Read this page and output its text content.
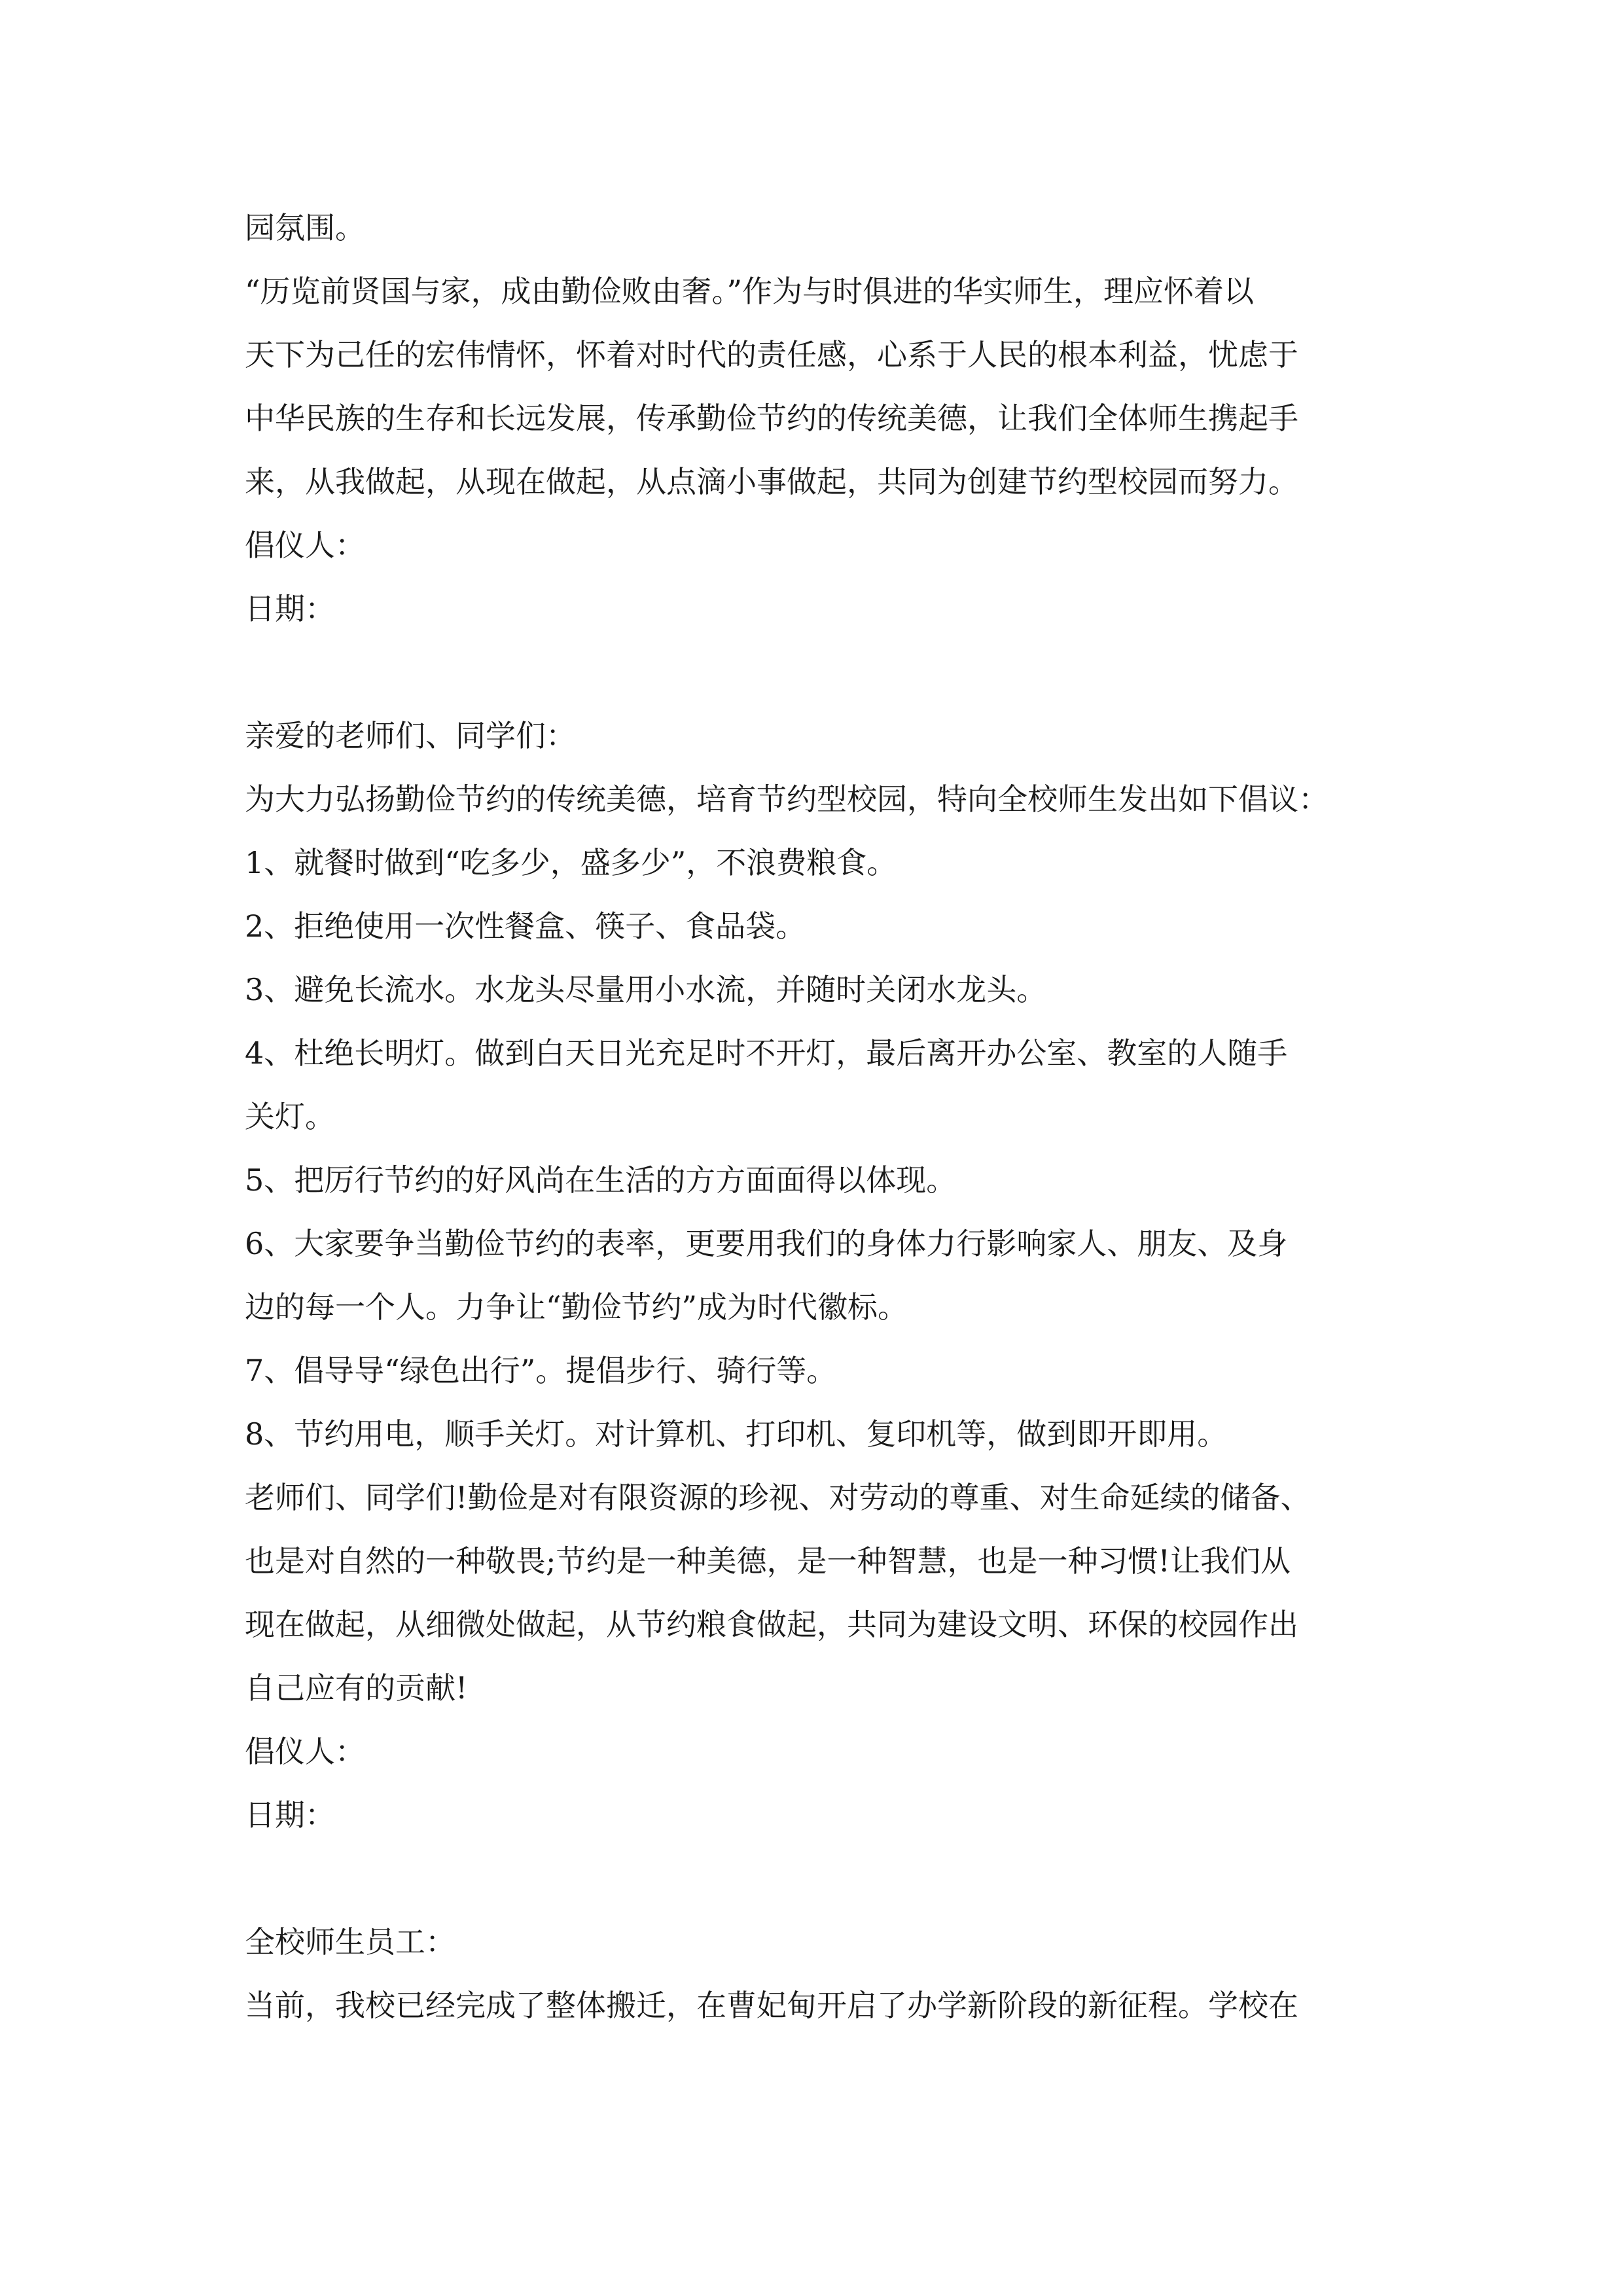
园氛围。
“历览前贤国与家，成由勤俭败由奢。”作为与时俱进的华实师生，理应怀着以
天下为己任的宏伟情怀，怀着对时代的责任感，心系于人民的根本利益，忧虑于
中华民族的生存和长远发展，传承勤俭节约的传统美德，让我们全体师生携起手
来，从我做起，从现在做起，从点滴小事做起，共同为创建节约型校园而努力。
倡仪人：
日期：
亲爱的老师们、同学们：
为大力弘扬勤俭节约的传统美德，培育节约型校园，特向全校师生发出如下倡议：
1、就餐时做到“吃多少，盛多少”，不浪费粮食。
2、拒绝使用一次性餐盒、筷子、食品袋。
3、避免长流水。水龙头尽量用小水流，并随时关闭水龙头。
4、杜绝长明灯。做到白天日光充足时不开灯，最后离开办公室、教室的人随手
关灯。
5、把厉行节约的好风尚在生活的方方面面得以体现。
6、大家要争当勤俭节约的表率，更要用我们的身体力行影响家人、朋友、及身
边的每一个人。力争让“勤俭节约”成为时代徽标。
7、倡导导“绿色出行”。提倡步行、骑行等。
8、节约用电，顺手关灯。对计算机、打印机、复印机等，做到即开即用。
老师们、同学们!勤俭是对有限资源的珍视、对劳动的尊重、对生命延续的储备、
也是对自然的一种敬畏;节约是一种美德，是一种智慧，也是一种习惯!让我们从
现在做起，从细微处做起，从节约粮食做起，共同为建设文明、环保的校园作出
自己应有的贡献!
倡仪人：
日期：
全校师生员工：
当前，我校已经完成了整体搬迁，在曹妃甸开启了办学新阶段的新征程。学校在
